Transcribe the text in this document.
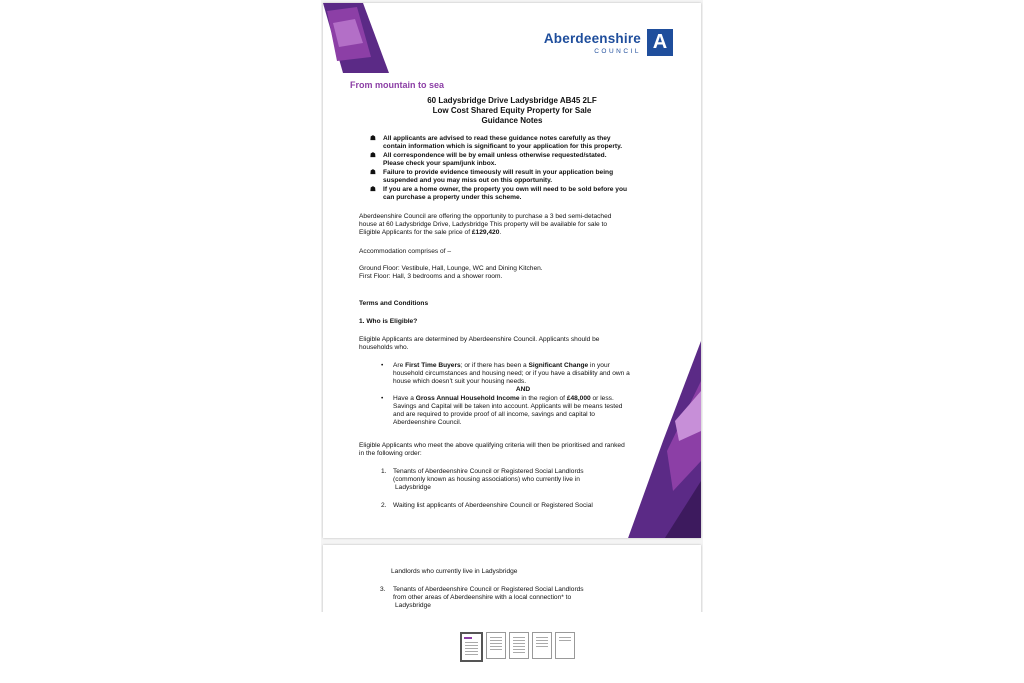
Aberdeenshire
COUNCIL A
From mountain to sea
60 Ladysbridge Drive Ladysbridge AB45 2LF
Low Cost Shared Equity Property for Sale
Guidance Notes
☗ All applicants are advised to read these guidance notes carefully as they
contain information which is significant to your application for this property.
☗ All correspondence will be by email unless otherwise requested/stated.
Please check your spam/junk inbox.
☗ Failure to provide evidence timeously will result in your application being
suspended and you may miss out on this opportunity.
☗ If you are a home owner, the property you own will need to be sold before you
can purchase a property under this scheme.
Aberdeenshire Council are offering the opportunity to purchase a 3 bed semi-detached
house at 60 Ladysbridge Drive, Ladysbridge This property will be available for sale to
Eligible Applicants for the sale price of £129,420.
Accommodation comprises of –
Ground Floor: Vestibule, Hall, Lounge, WC and Dining Kitchen.
First Floor: Hall, 3 bedrooms and a shower room.
Terms and Conditions
1. Who is Eligible?
Eligible Applicants are determined by Aberdeenshire Council. Applicants should be
households who.
• Are First Time Buyers; or if there has been a Significant Change in your
household circumstances and housing need; or if you have a disability and own a
house which doesn’t suit your housing needs.
AND
• Have a Gross Annual Household Income in the region of £48,000 or less.
Savings and Capital will be taken into account. Applicants will be means tested
and are required to provide proof of all income, savings and capital to
Aberdeenshire Council.
Eligible Applicants who meet the above qualifying criteria will then be prioritised and ranked
in the following order:
1. Tenants of Aberdeenshire Council or Registered Social Landlords
(commonly known as housing associations) who currently live in
Ladysbridge
2. Waiting list applicants of Aberdeenshire Council or Registered Social
Landlords who currently live in Ladysbridge
3. Tenants of Aberdeenshire Council or Registered Social Landlords
from other areas of Aberdeenshire with a local connection* to
Ladysbridge
